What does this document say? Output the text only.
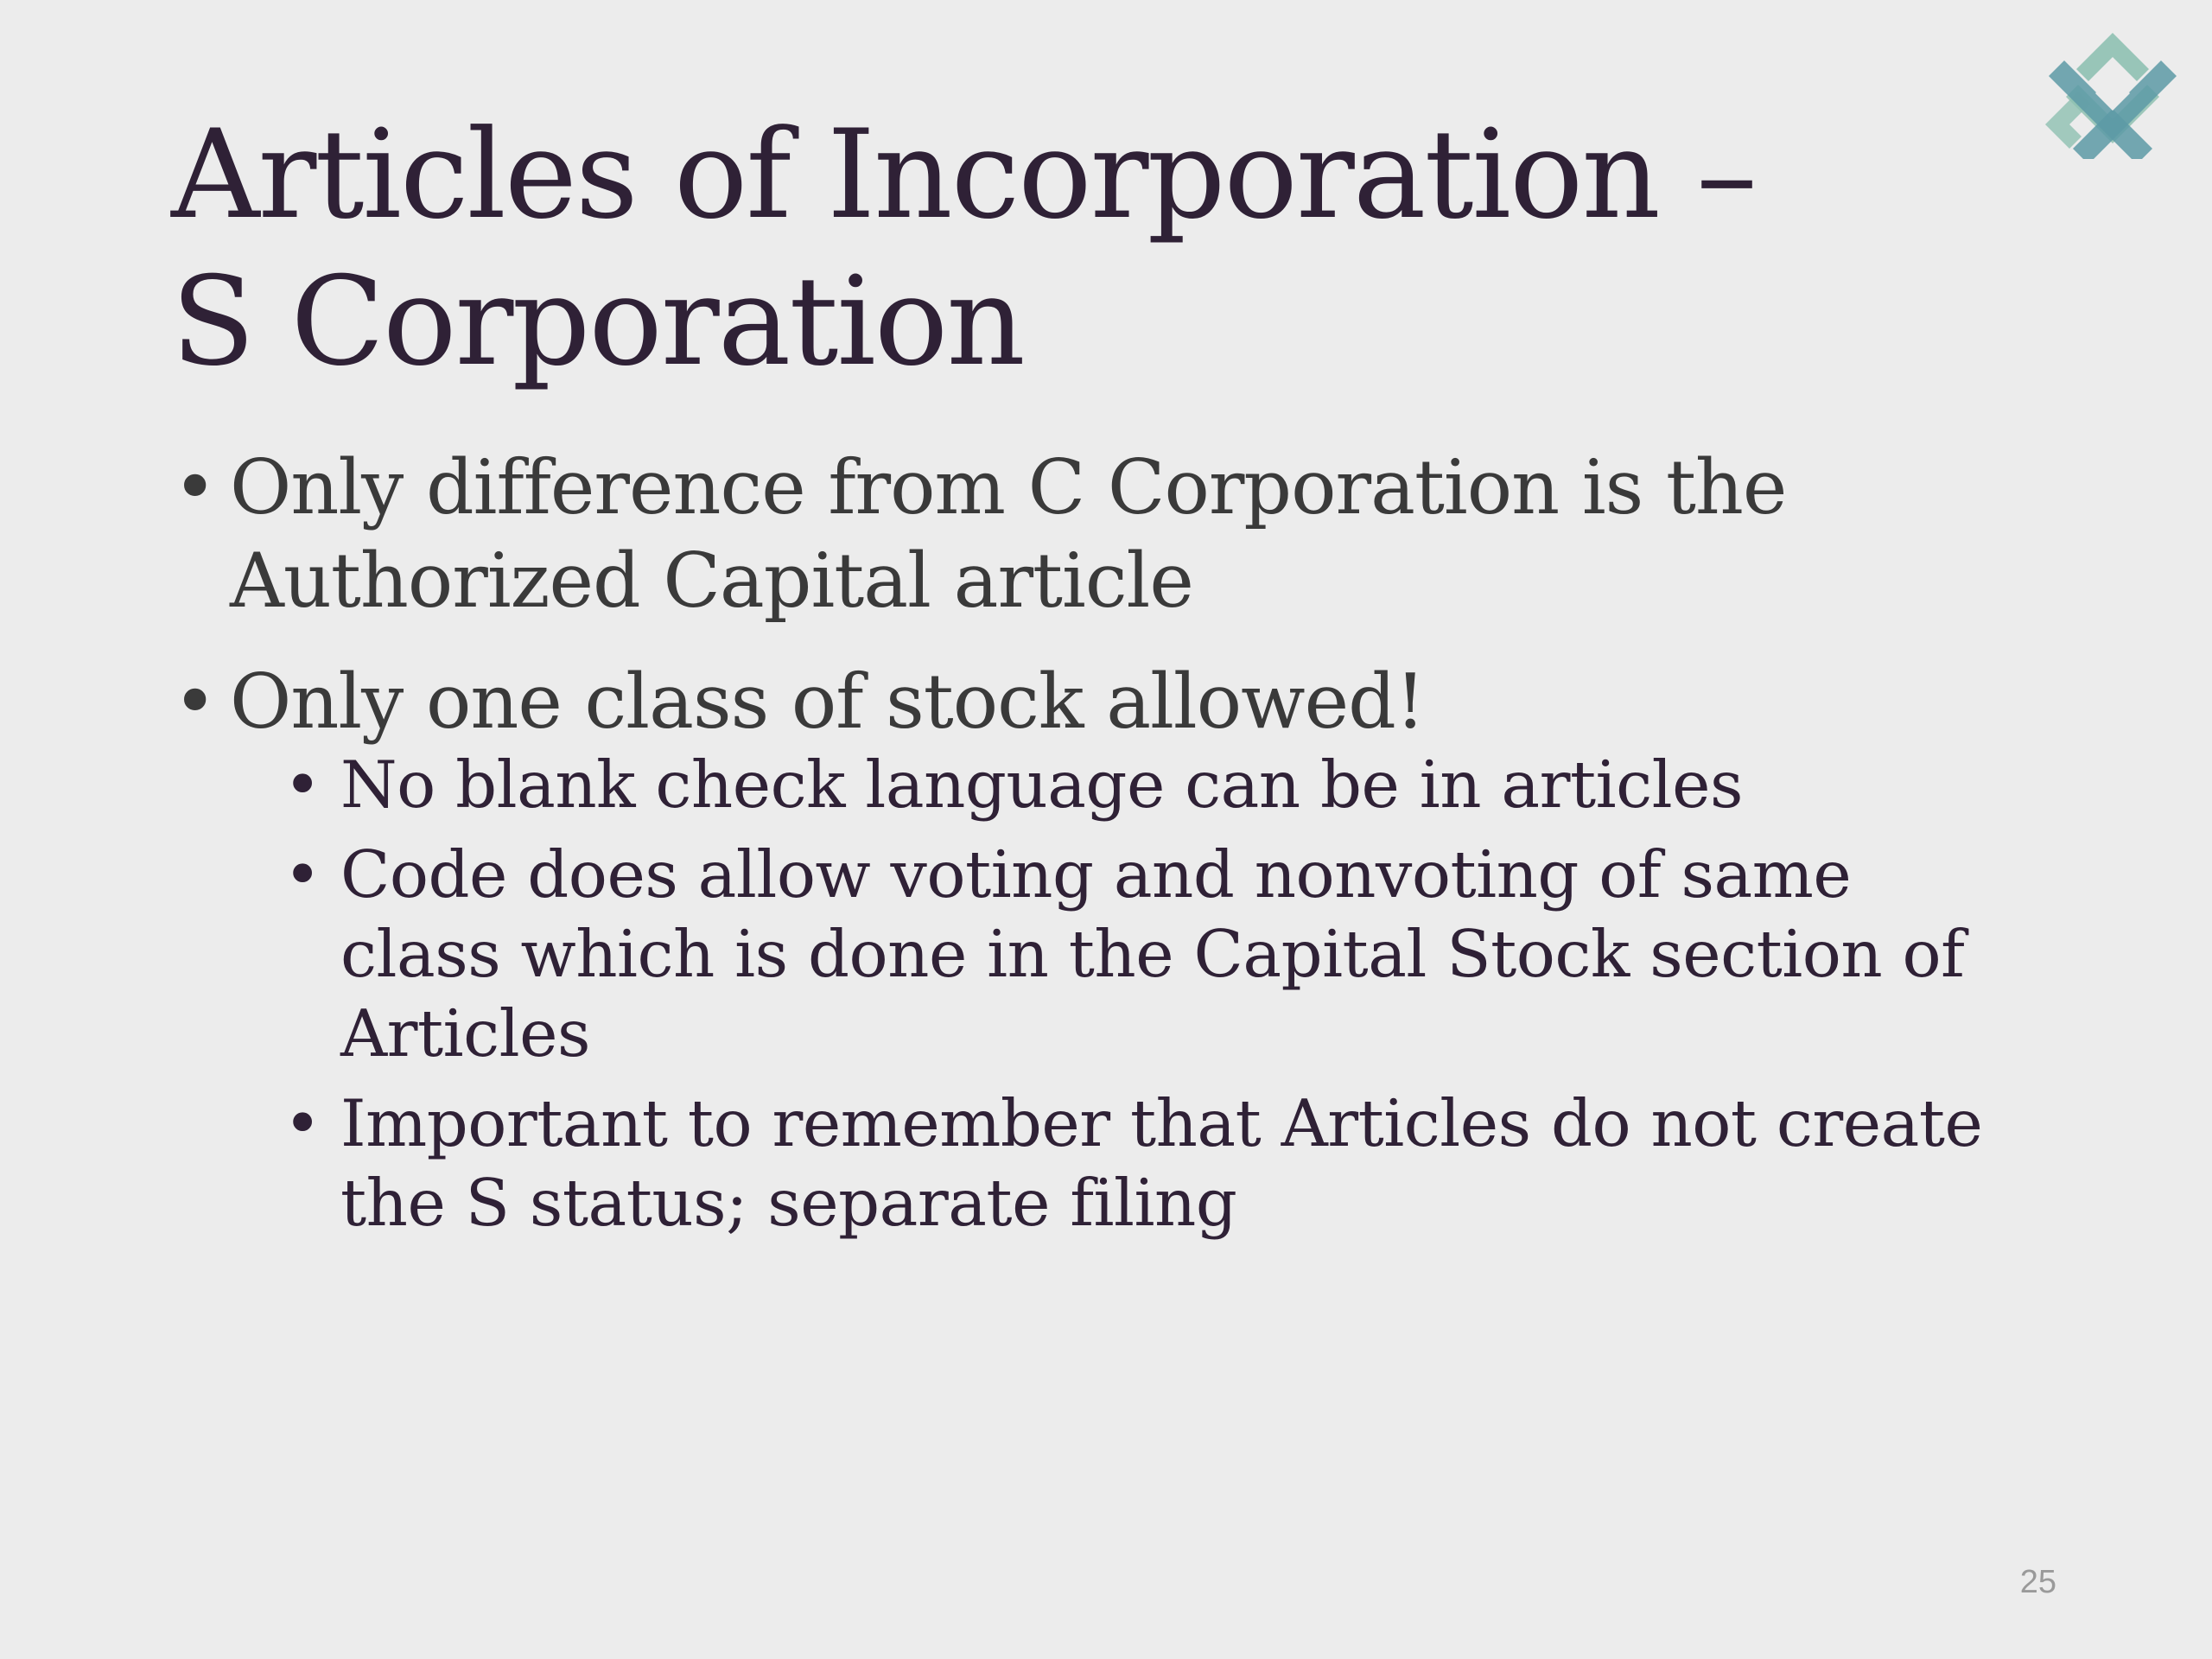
Articles of Incorporation –
S Corporation
• Only difference from C Corporation is the Authorized Capital article
• Only one class of stock allowed!
• No blank check language can be in articles
• Code does allow voting and nonvoting of same class which is done in the Capital Stock section of Articles
• Important to remember that Articles do not create the S status; separate filing
25
